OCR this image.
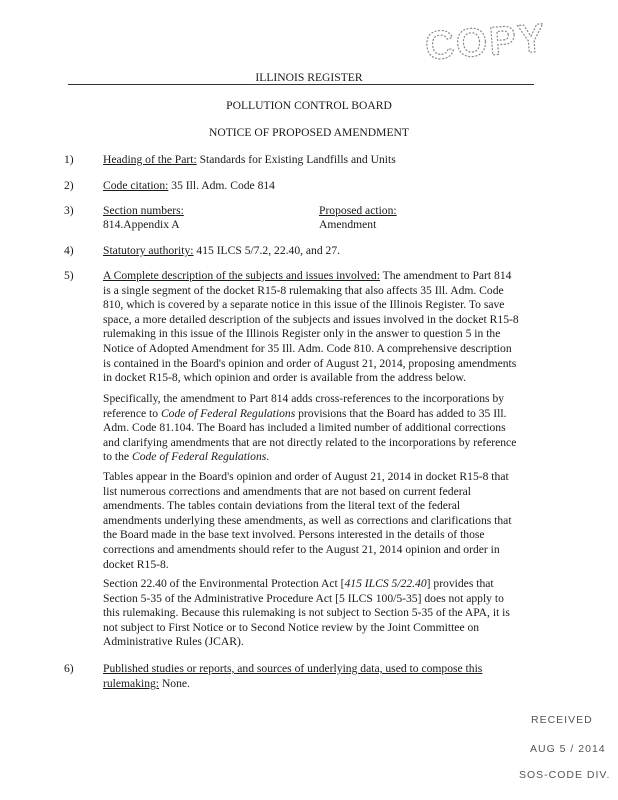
COPY
ILLINOIS REGISTER
POLLUTION CONTROL BOARD
NOTICE OF PROPOSED AMENDMENT
1)	Heading of the Part: Standards for Existing Landfills and Units
2)	Code citation: 35 Ill. Adm. Code 814
3)	Section numbers:
814.Appendix A
Proposed action:
Amendment
4)	Statutory authority: 415 ILCS 5/7.2, 22.40, and 27.
5)	A Complete description of the subjects and issues involved: The amendment to Part 814
is a single segment of the docket R15-8 rulemaking that also affects 35 Ill. Adm. Code
810, which is covered by a separate notice in this issue of the Illinois Register. To save
space, a more detailed description of the subjects and issues involved in the docket R15-8
rulemaking in this issue of the Illinois Register only in the answer to question 5 in the
Notice of Adopted Amendment for 35 Ill. Adm. Code 810. A comprehensive description
is contained in the Board's opinion and order of August 21, 2014, proposing amendments
in docket R15-8, which opinion and order is available from the address below.
Specifically, the amendment to Part 814 adds cross-references to the incorporations by
reference to Code of Federal Regulations provisions that the Board has added to 35 Ill.
Adm. Code 81.104. The Board has included a limited number of additional corrections
and clarifying amendments that are not directly related to the incorporations by reference
to the Code of Federal Regulations.
Tables appear in the Board's opinion and order of August 21, 2014 in docket R15-8 that
list numerous corrections and amendments that are not based on current federal
amendments. The tables contain deviations from the literal text of the federal
amendments underlying these amendments, as well as corrections and clarifications that
the Board made in the base text involved. Persons interested in the details of those
corrections and amendments should refer to the August 21, 2014 opinion and order in
docket R15-8.
Section 22.40 of the Environmental Protection Act [415 ILCS 5/22.40] provides that
Section 5-35 of the Administrative Procedure Act [5 ILCS 100/5-35] does not apply to
this rulemaking. Because this rulemaking is not subject to Section 5-35 of the APA, it is
not subject to First Notice or to Second Notice review by the Joint Committee on
Administrative Rules (JCAR).
6)	Published studies or reports, and sources of underlying data, used to compose this
rulemaking: None.
RECEIVED
AUG 5 / 2014
SOS-CODE DIV.
